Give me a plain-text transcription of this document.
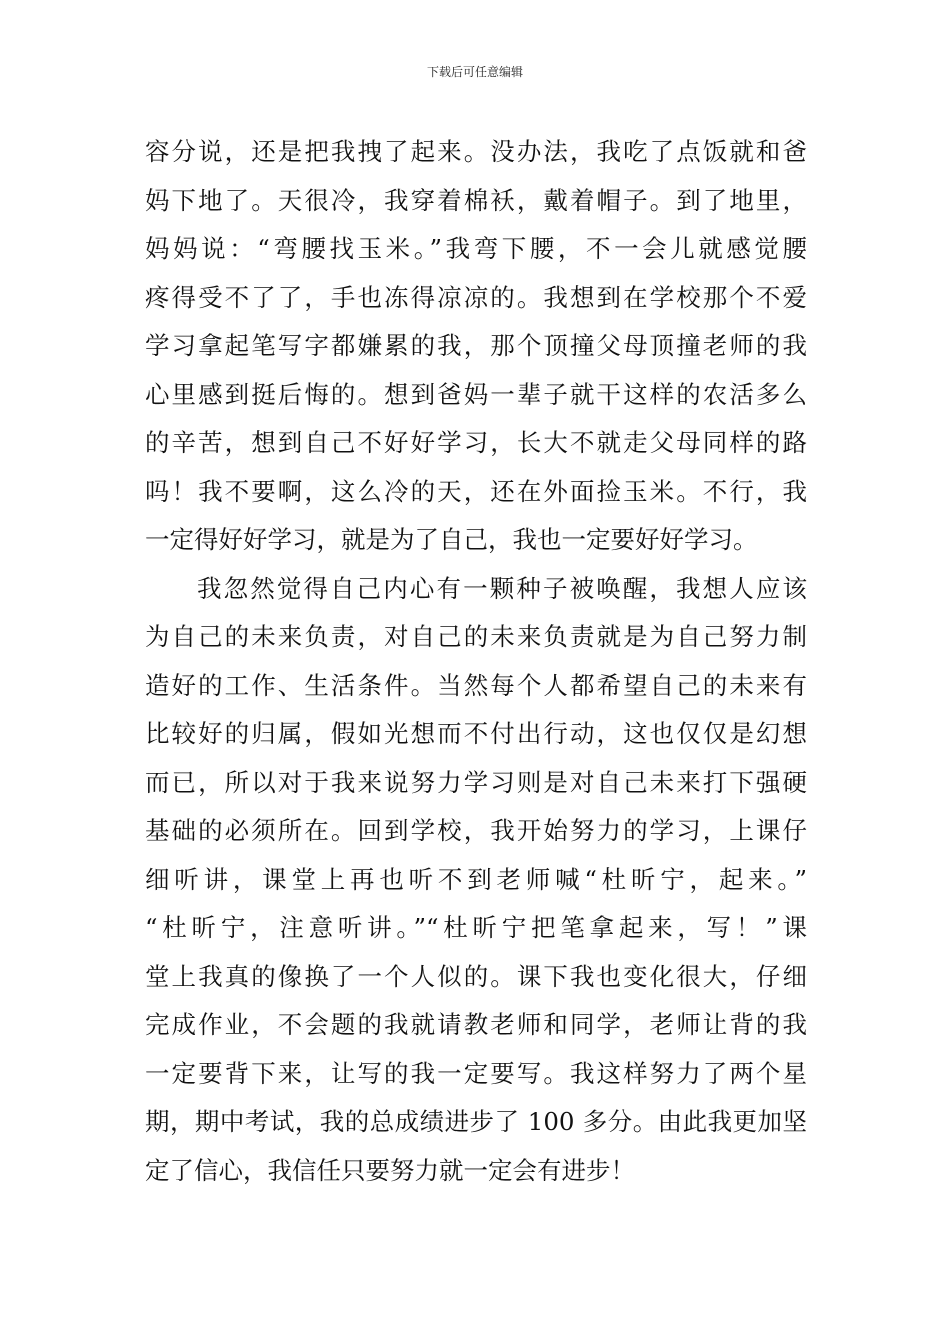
下载后可任意编辑
容分说，还是把我拽了起来。没办法，我吃了点饭就和爸
妈下地了。天很冷，我穿着棉袄，戴着帽子。到了地里，
妈妈说：“弯腰找玉米。”我弯下腰，不一会儿就感觉腰
疼得受不了了，手也冻得凉凉的。我想到在学校那个不爱
学习拿起笔写字都嫌累的我，那个顶撞父母顶撞老师的我
心里感到挺后悔的。想到爸妈一辈子就干这样的农活多么
的辛苦，想到自己不好好学习，长大不就走父母同样的路
吗！我不要啊，这么冷的天，还在外面捡玉米。不行，我
一定得好好学习，就是为了自己，我也一定要好好学习。
我忽然觉得自己内心有一颗种子被唤醒，我想人应该
为自己的未来负责，对自己的未来负责就是为自己努力制
造好的工作、生活条件。当然每个人都希望自己的未来有
比较好的归属，假如光想而不付出行动，这也仅仅是幻想
而已，所以对于我来说努力学习则是对自己未来打下强硬
基础的必须所在。回到学校，我开始努力的学习，上课仔
细听讲，课堂上再也听不到老师喊“杜昕宁，起来。”
“杜昕宁，注意听讲。”“杜昕宁把笔拿起来，写！”课
堂上我真的像换了一个人似的。课下我也变化很大，仔细
完成作业，不会题的我就请教老师和同学，老师让背的我
一定要背下来，让写的我一定要写。我这样努力了两个星
期，期中考试，我的总成绩进步了 100 多分。由此我更加坚
定了信心，我信任只要努力就一定会有进步！
